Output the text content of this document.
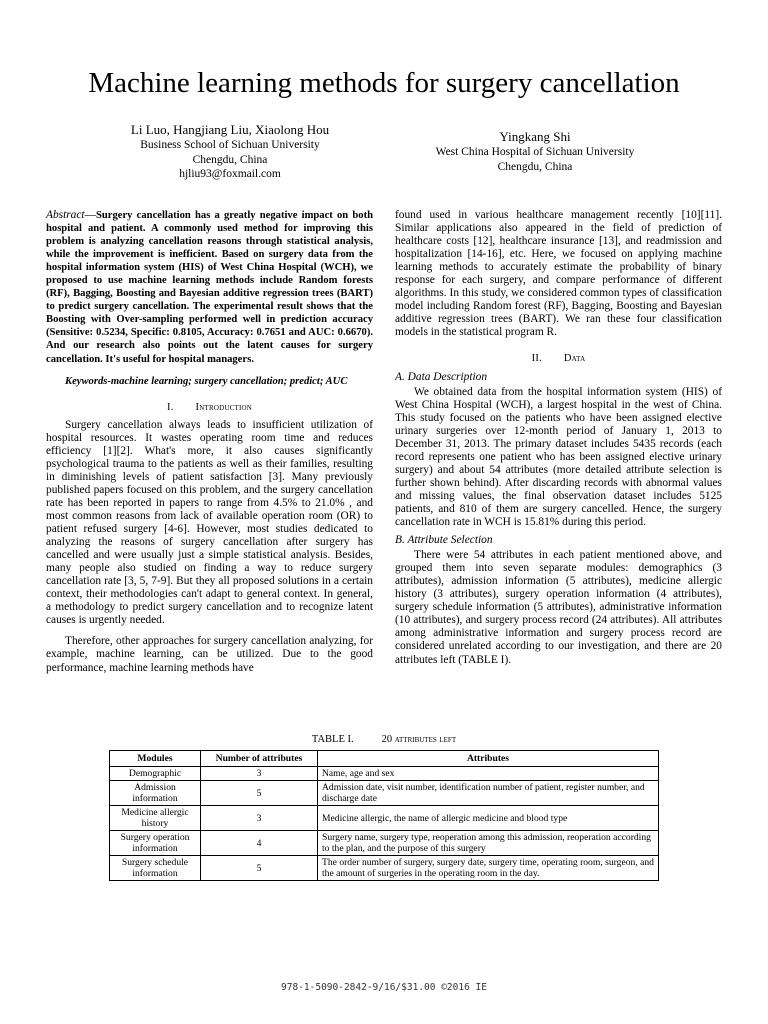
Machine learning methods for surgery cancellation
Li Luo, Hangjiang Liu, Xiaolong Hou
Business School of Sichuan University
Chengdu, China
hjliu93@foxmail.com
Yingkang Shi
West China Hospital of Sichuan University
Chengdu, China

Abstract—Surgery cancellation has a greatly negative impact on both hospital and patient. A commonly used method for improving this problem is analyzing cancellation reasons through statistical analysis, while the improvement is inefficient. Based on surgery data from the hospital information system (HIS) of West China Hospital (WCH), we proposed to use machine learning methods include Random forests (RF), Bagging, Boosting and Bayesian additive regression trees (BART) to predict surgery cancellation. The experimental result shows that the Boosting with Over-sampling performed well in prediction accuracy (Sensitive: 0.5234, Specific: 0.8105, Accuracy: 0.7651 and AUC: 0.6670). And our research also points out the latent causes for surgery cancellation. It's useful for hospital managers.

Keywords-machine learning; surgery cancellation; predict; AUC

I. Introduction

Surgery cancellation always leads to insufficient utilization of hospital resources. It wastes operating room time and reduces efficiency [1][2]. What's more, it also causes significantly psychological trauma to the patients as well as their families, resulting in diminishing levels of patient satisfaction [3]. Many previously published papers focused on this problem, and the surgery cancellation rate has been reported in papers to range from 4.5% to 21.0% , and most common reasons from lack of available operation room (OR) to patient refused surgery [4-6]. However, most studies dedicated to analyzing the reasons of surgery cancellation after surgery has cancelled and were usually just a simple statistical analysis. Besides, many people also studied on finding a way to reduce surgery cancellation rate [3, 5, 7-9]. But they all proposed solutions in a certain context, their methodologies can't adapt to general context. In general, a methodology to predict surgery cancellation and to recognize latent causes is urgently needed.

Therefore, other approaches for surgery cancellation analyzing, for example, machine learning, can be utilized. Due to the good performance, machine learning methods have

found used in various healthcare management recently [10][11]. Similar applications also appeared in the field of prediction of healthcare costs [12], healthcare insurance [13], and readmission and hospitalization [14-16], etc. Here, we focused on applying machine learning methods to accurately estimate the probability of binary response for each surgery, and compare performance of different algorithms. In this study, we considered common types of classification model including Random forest (RF), Bagging, Boosting and Bayesian additive regression trees (BART). We ran these four classification models in the statistical program R.

II. Data

A. Data Description

We obtained data from the hospital information system (HIS) of West China Hospital (WCH), a largest hospital in the west of China. This study focused on the patients who have been assigned elective urinary surgeries over 12-month period of January 1, 2013 to December 31, 2013. The primary dataset includes 5435 records (each record represents one patient who has been assigned elective urinary surgery) and about 54 attributes (more detailed attribute selection is further shown behind). After discarding records with abnormal values and missing values, the final observation dataset includes 5125 patients, and 810 of them are surgery cancelled. Hence, the surgery cancellation rate in WCH is 15.81% during this period.

B. Attribute Selection

There were 54 attributes in each patient mentioned above, and grouped them into seven separate modules: demographics (3 attributes), admission information (5 attributes), medicine allergic history (3 attributes), surgery operation information (4 attributes), surgery schedule information (5 attributes), administrative information (10 attributes), and surgery process record (24 attributes). All attributes among administrative information and surgery process record are considered unrelated according to our investigation, and there are 20 attributes left (TABLE I).

TABLE I.	20 attributes left
Modules	Number of attributes	Attributes
Demographic	3	Name, age and sex
Admission information	5	Admission date, visit number, identification number of patient, register number, and discharge date
Medicine allergic history	3	Medicine allergic, the name of allergic medicine and blood type
Surgery operation information	4	Surgery name, surgery type, reoperation among this admission, reoperation according to the plan, and the purpose of this surgery
Surgery schedule information	5	The order number of surgery, surgery date, surgery time, operating room, surgeon, and the amount of surgeries in the operating room in the day.
978-1-5090-2842-9/16/$31.00 ©2016 IE
